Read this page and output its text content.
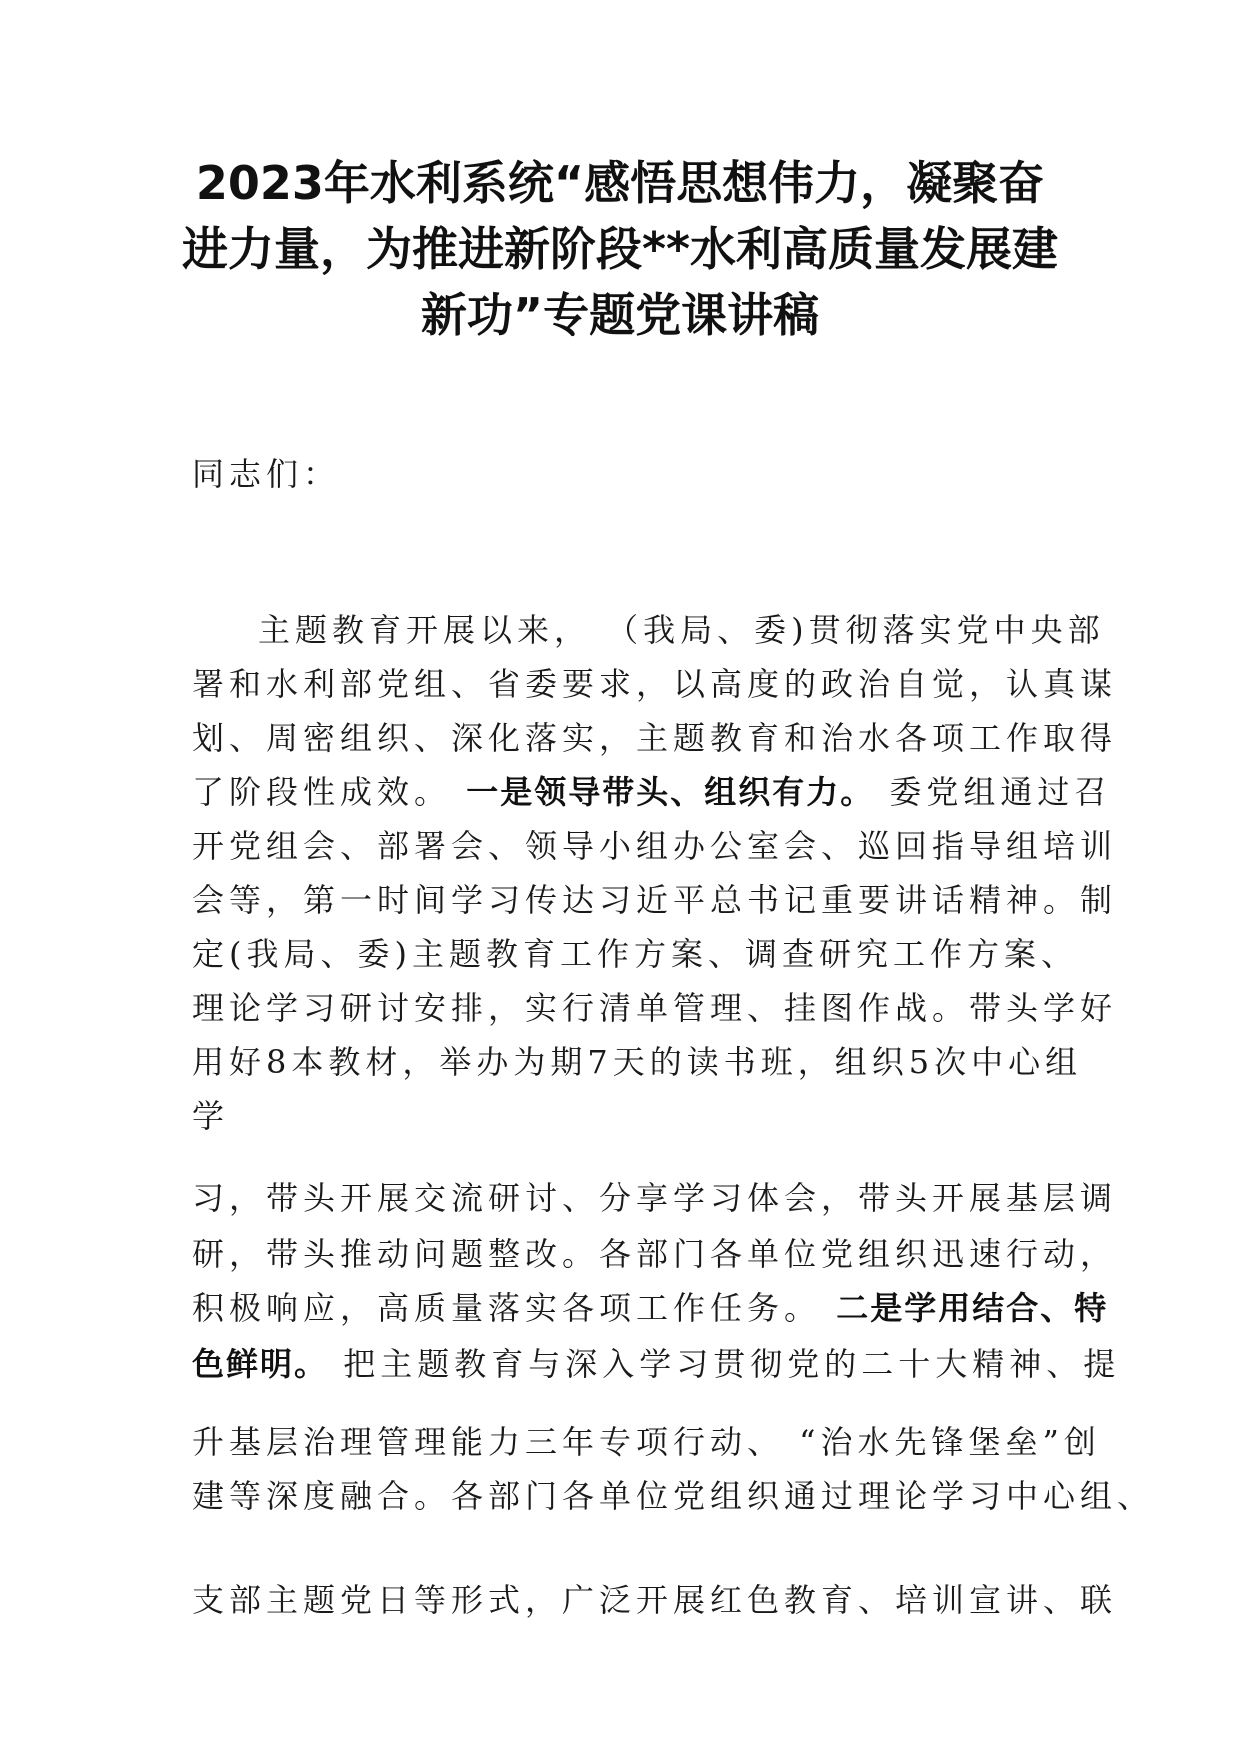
2023年水利系统“感悟思想伟力，凝聚奋
进力量，为推进新阶段**水利高质量发展建
新功”专题党课讲稿
同志们：
主题教育开展以来， （我局、委)贯彻落实党中央部
署和水利部党组、省委要求，以高度的政治自觉，认真谋
划、周密组织、深化落实，主题教育和治水各项工作取得
了阶段性成效。 一是领导带头、组织有力。 委党组通过召
开党组会、部署会、领导小组办公室会、巡回指导组培训
会等，第一时间学习传达习近平总书记重要讲话精神。制
定(我局、委)主题教育工作方案、调查研究工作方案、
理论学习研讨安排，实行清单管理、挂图作战。带头学好
用好8本教材，举办为期7天的读书班，组织5次中心组
学
习，带头开展交流研讨、分享学习体会，带头开展基层调
研，带头推动问题整改。各部门各单位党组织迅速行动，
积极响应，高质量落实各项工作任务。 二是学用结合、特
色鲜明。 把主题教育与深入学习贯彻党的二十大精神、提
升基层治理管理能力三年专项行动、 “治水先锋堡垒”创
建等深度融合。各部门各单位党组织通过理论学习中心组、
支部主题党日等形式，广泛开展红色教育、培训宣讲、联
